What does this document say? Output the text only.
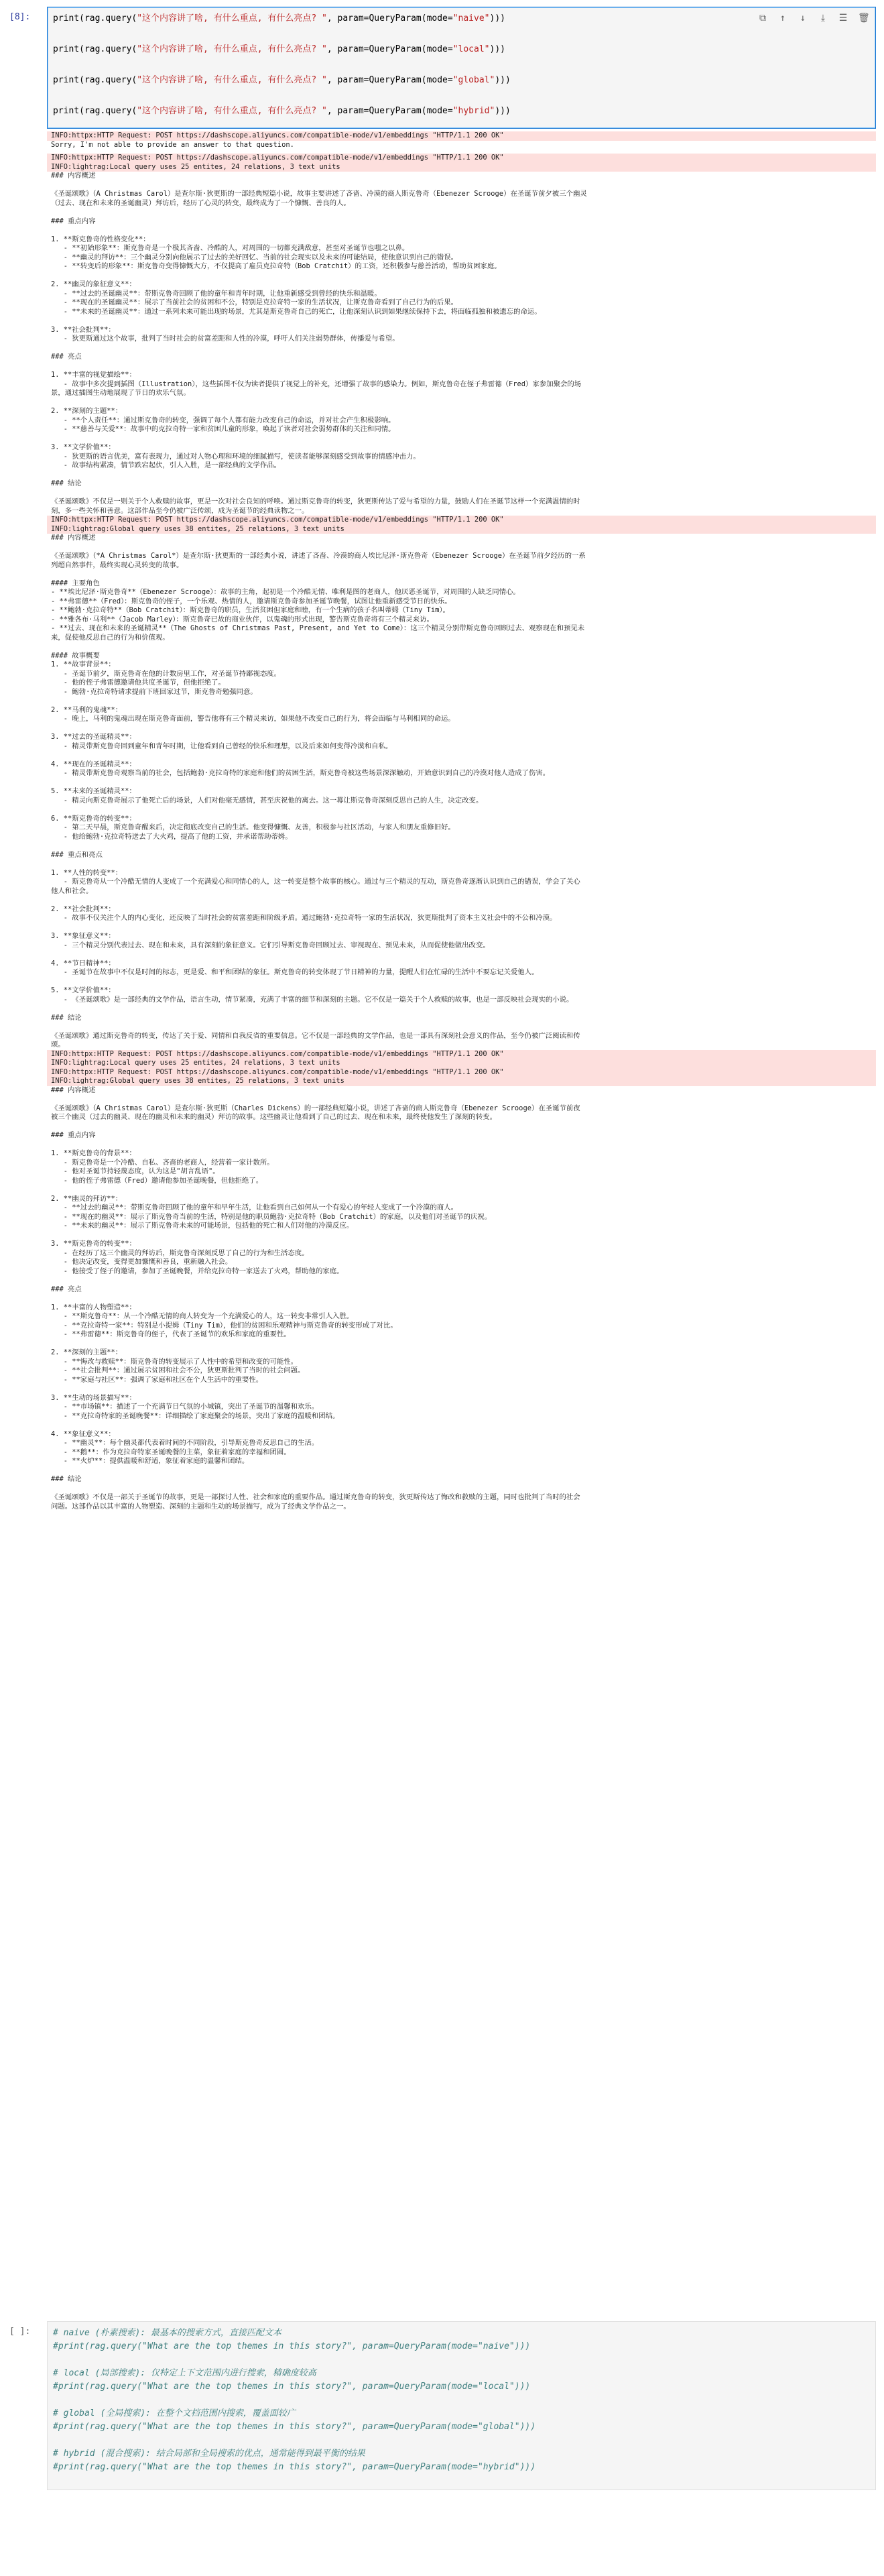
[8]:	⧉ ↑ ↓	⤓	☰ 🗑
print(rag.query("这个内容讲了啥, 有什么重点, 有什么亮点? ", param=QueryParam(mode="naive")))
print(rag.query("这个内容讲了啥, 有什么重点, 有什么亮点? ", param=QueryParam(mode="local")))
print(rag.query("这个内容讲了啥, 有什么重点, 有什么亮点? ", param=QueryParam(mode="global")))
print(rag.query("这个内容讲了啥, 有什么重点, 有什么亮点? ", param=QueryParam(mode="hybrid")))
INFO:httpx:HTTP Request: POST https://dashscope.aliyuncs.com/compatible-mode/v1/embeddings "HTTP/1.1 200 OK"
Sorry, I'm not able to provide an answer to that question.
INFO:httpx:HTTP Request: POST https://dashscope.aliyuncs.com/compatible-mode/v1/embeddings "HTTP/1.1 200 OK"
INFO:lightrag:Local query uses 25 entites, 24 relations, 3 text units
### 内容概述

《圣诞颂歌》（A Christmas Carol）是查尔斯·狄更斯的一部经典短篇小说，故事主要讲述了吝啬、冷漠的商人斯克鲁奇（Ebenezer Scrooge）在圣诞节前夕被三个幽灵
（过去、现在和未来的圣诞幽灵）拜访后，经历了心灵的转变，最终成为了一个慷慨、善良的人。

### 重点内容

1. **斯克鲁奇的性格变化**：
- **初始形象**：斯克鲁奇是一个极其吝啬、冷酷的人，对周围的一切都充满敌意，甚至对圣诞节也嗤之以鼻。
- **幽灵的拜访**：三个幽灵分别向他展示了过去的美好回忆、当前的社会现实以及未来的可能结局，使他意识到自己的错误。
- **转变后的形象**：斯克鲁奇变得慷慨大方，不仅提高了雇员克拉奇特（Bob Cratchit）的工资，还积极参与慈善活动，帮助贫困家庭。

2. **幽灵的象征意义**：
- **过去的圣诞幽灵**：带斯克鲁奇回顾了他的童年和青年时期，让他重新感受到曾经的快乐和温暖。
- **现在的圣诞幽灵**：展示了当前社会的贫困和不公，特别是克拉奇特一家的生活状况，让斯克鲁奇看到了自己行为的后果。
- **未来的圣诞幽灵**：通过一系列未来可能出现的场景，尤其是斯克鲁奇自己的死亡，让他深刻认识到如果继续保持下去，将面临孤独和被遗忘的命运。

3. **社会批判**：
- 狄更斯通过这个故事，批判了当时社会的贫富差距和人性的冷漠，呼吁人们关注弱势群体，传播爱与希望。

### 亮点

1. **丰富的视觉描绘**：
- 故事中多次提到插图（Illustration），这些插图不仅为读者提供了视觉上的补充，还增强了故事的感染力。例如，斯克鲁奇在侄子弗雷德（Fred）家参加聚会的场
景，通过插图生动地展现了节日的欢乐气氛。

2. **深刻的主题**：
- **个人责任**：通过斯克鲁奇的转变，强调了每个人都有能力改变自己的命运，并对社会产生积极影响。
- **慈善与关爱**：故事中的克拉奇特一家和贫困儿童的形象，唤起了读者对社会弱势群体的关注和同情。

3. **文学价值**：
- 狄更斯的语言优美，富有表现力，通过对人物心理和环境的细腻描写，使读者能够深刻感受到故事的情感冲击力。
- 故事结构紧凑，情节跌宕起伏，引人入胜，是一部经典的文学作品。

### 结论

《圣诞颂歌》不仅是一则关于个人救赎的故事，更是一次对社会良知的呼唤。通过斯克鲁奇的转变，狄更斯传达了爱与希望的力量，鼓励人们在圣诞节这样一个充满温情的时
刻，多一些关怀和善意。这部作品至今仍被广泛传颂，成为圣诞节的经典读物之一。
INFO:httpx:HTTP Request: POST https://dashscope.aliyuncs.com/compatible-mode/v1/embeddings "HTTP/1.1 200 OK"
INFO:lightrag:Global query uses 38 entites, 25 relations, 3 text units
### 内容概述

《圣诞颂歌》（*A Christmas Carol*）是查尔斯·狄更斯的一部经典小说，讲述了吝啬、冷漠的商人埃比尼泽·斯克鲁奇（Ebenezer Scrooge）在圣诞节前夕经历的一系
列超自然事件，最终实现心灵转变的故事。

#### 主要角色
- **埃比尼泽·斯克鲁奇**（Ebenezer Scrooge）：故事的主角，起初是一个冷酷无情、唯利是图的老商人，他厌恶圣诞节，对周围的人缺乏同情心。
- **弗雷德**（Fred）：斯克鲁奇的侄子，一个乐观、热情的人，邀请斯克鲁奇参加圣诞节晚餐，试图让他重新感受节日的快乐。
- **鲍勃·克拉奇特**（Bob Cratchit）：斯克鲁奇的职员，生活贫困但家庭和睦，有一个生病的孩子名叫蒂姆（Tiny Tim）。
- **雅各布·马利**（Jacob Marley）：斯克鲁奇已故的商业伙伴，以鬼魂的形式出现，警告斯克鲁奇将有三个精灵来访。
- **过去、现在和未来的圣诞精灵**（The Ghosts of Christmas Past, Present, and Yet to Come）：这三个精灵分别带斯克鲁奇回顾过去、观察现在和预见未
来，促使他反思自己的行为和价值观。

#### 故事概要
1. **故事背景**：
- 圣诞节前夕，斯克鲁奇在他的计数房里工作，对圣诞节持鄙视态度。
- 他的侄子弗雷德邀请他共度圣诞节，但他拒绝了。
- 鲍勃·克拉奇特请求提前下班回家过节，斯克鲁奇勉强同意。

2. **马利的鬼魂**：
- 晚上，马利的鬼魂出现在斯克鲁奇面前，警告他将有三个精灵来访，如果他不改变自己的行为，将会面临与马利相同的命运。

3. **过去的圣诞精灵**：
- 精灵带斯克鲁奇回到童年和青年时期，让他看到自己曾经的快乐和理想，以及后来如何变得冷漠和自私。

4. **现在的圣诞精灵**：
- 精灵带斯克鲁奇观察当前的社会，包括鲍勃·克拉奇特的家庭和他们的贫困生活，斯克鲁奇被这些场景深深触动，开始意识到自己的冷漠对他人造成了伤害。

5. **未来的圣诞精灵**：
- 精灵向斯克鲁奇展示了他死亡后的场景，人们对他毫无感情，甚至庆祝他的离去。这一幕让斯克鲁奇深刻反思自己的人生，决定改变。

6. **斯克鲁奇的转变**：
- 第二天早晨，斯克鲁奇醒来后，决定彻底改变自己的生活。他变得慷慨、友善，积极参与社区活动，与家人和朋友重修旧好。
- 他给鲍勃·克拉奇特送去了大火鸡，提高了他的工资，并承诺帮助蒂姆。

### 重点和亮点

1. **人性的转变**：
- 斯克鲁奇从一个冷酷无情的人变成了一个充满爱心和同情心的人，这一转变是整个故事的核心。通过与三个精灵的互动，斯克鲁奇逐渐认识到自己的错误，学会了关心
他人和社会。

2. **社会批判**：
- 故事不仅关注个人的内心变化，还反映了当时社会的贫富差距和阶级矛盾。通过鲍勃·克拉奇特一家的生活状况，狄更斯批判了资本主义社会中的不公和冷漠。

3. **象征意义**：
- 三个精灵分别代表过去、现在和未来，具有深刻的象征意义。它们引导斯克鲁奇回顾过去、审视现在、预见未来，从而促使他做出改变。

4. **节日精神**：
- 圣诞节在故事中不仅是时间的标志，更是爱、和平和团结的象征。斯克鲁奇的转变体现了节日精神的力量，提醒人们在忙碌的生活中不要忘记关爱他人。

5. **文学价值**：
- 《圣诞颂歌》是一部经典的文学作品，语言生动，情节紧凑，充满了丰富的细节和深刻的主题。它不仅是一篇关于个人救赎的故事，也是一部反映社会现实的小说。

### 结论

《圣诞颂歌》通过斯克鲁奇的转变，传达了关于爱、同情和自我反省的重要信息。它不仅是一部经典的文学作品，也是一部具有深刻社会意义的作品，至今仍被广泛阅读和传
颂。
INFO:httpx:HTTP Request: POST https://dashscope.aliyuncs.com/compatible-mode/v1/embeddings "HTTP/1.1 200 OK"
INFO:lightrag:Local query uses 25 entites, 24 relations, 3 text units
INFO:httpx:HTTP Request: POST https://dashscope.aliyuncs.com/compatible-mode/v1/embeddings "HTTP/1.1 200 OK"
INFO:lightrag:Global query uses 38 entites, 25 relations, 3 text units
### 内容概述

《圣诞颂歌》（A Christmas Carol）是查尔斯·狄更斯（Charles Dickens）的一部经典短篇小说，讲述了吝啬的商人斯克鲁奇（Ebenezer Scrooge）在圣诞节前夜
被三个幽灵（过去的幽灵、现在的幽灵和未来的幽灵）拜访的故事。这些幽灵让他看到了自己的过去、现在和未来，最终使他发生了深刻的转变。

### 重点内容

1. **斯克鲁奇的背景**：
- 斯克鲁奇是一个冷酷、自私、吝啬的老商人，经营着一家计数所。
- 他对圣诞节持轻蔑态度，认为这是"胡言乱语"。
- 他的侄子弗雷德（Fred）邀请他参加圣诞晚餐，但他拒绝了。

2. **幽灵的拜访**：
- **过去的幽灵**：带斯克鲁奇回顾了他的童年和早年生活，让他看到自己如何从一个有爱心的年轻人变成了一个冷漠的商人。
- **现在的幽灵**：展示了斯克鲁奇当前的生活，特别是他的职员鲍勃·克拉奇特（Bob Cratchit）的家庭，以及他们对圣诞节的庆祝。
- **未来的幽灵**：展示了斯克鲁奇未来的可能场景，包括他的死亡和人们对他的冷漠反应。

3. **斯克鲁奇的转变**：
- 在经历了这三个幽灵的拜访后，斯克鲁奇深刻反思了自己的行为和生活态度。
- 他决定改变，变得更加慷慨和善良，重新融入社会。
- 他接受了侄子的邀请，参加了圣诞晚餐，并给克拉奇特一家送去了火鸡，帮助他的家庭。

### 亮点

1. **丰富的人物塑造**：
- **斯克鲁奇**：从一个冷酷无情的商人转变为一个充满爱心的人，这一转变非常引人入胜。
- **克拉奇特一家**：特别是小提姆（Tiny Tim），他们的贫困和乐观精神与斯克鲁奇的转变形成了对比。
- **弗雷德**：斯克鲁奇的侄子，代表了圣诞节的欢乐和家庭的重要性。

2. **深刻的主题**：
- **悔改与救赎**：斯克鲁奇的转变展示了人性中的希望和改变的可能性。
- **社会批判**：通过展示贫困和社会不公，狄更斯批判了当时的社会问题。
- **家庭与社区**：强调了家庭和社区在个人生活中的重要性。

3. **生动的场景描写**：
- **市场镇**：描述了一个充满节日气氛的小城镇，突出了圣诞节的温馨和欢乐。
- **克拉奇特家的圣诞晚餐**：详细描绘了家庭聚会的场景，突出了家庭的温暖和团结。

4. **象征意义**：
- **幽灵**：每个幽灵都代表着时间的不同阶段，引导斯克鲁奇反思自己的生活。
- **鹅**：作为克拉奇特家圣诞晚餐的主菜，象征着家庭的幸福和团圆。
- **火炉**：提供温暖和舒适，象征着家庭的温馨和团结。

### 结论

《圣诞颂歌》不仅是一部关于圣诞节的故事，更是一部探讨人性、社会和家庭的重要作品。通过斯克鲁奇的转变，狄更斯传达了悔改和救赎的主题，同时也批判了当时的社会
问题。这部作品以其丰富的人物塑造、深刻的主题和生动的场景描写，成为了经典文学作品之一。
[ ]:	# naive (朴素搜索): 最基本的搜索方式，直接匹配文本
#print(rag.query("What are the top themes in this story?", param=QueryParam(mode="naive")))
# local (局部搜索): 仅特定上下文范围内进行搜索，精确度较高
#print(rag.query("What are the top themes in this story?", param=QueryParam(mode="local")))
# global (全局搜索): 在整个文档范围内搜索，覆盖面较广
#print(rag.query("What are the top themes in this story?", param=QueryParam(mode="global")))
# hybrid (混合搜索): 结合局部和全局搜索的优点，通常能得到最平衡的结果
#print(rag.query("What are the top themes in this story?", param=QueryParam(mode="hybrid")))
